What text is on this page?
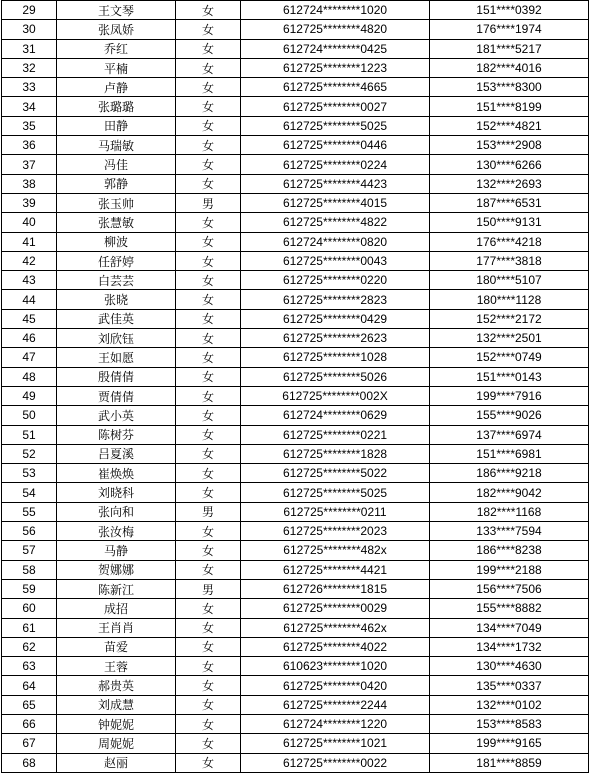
29	王文琴	女	612724********1020	151****0392
30	张凤娇	女	612725********4820	176****1974
31	乔红	女	612724********0425	181****5217
32	平楠	女	612725********1223	182****4016
33	卢静	女	612725********4665	153****8300
34	张璐璐	女	612725********0027	151****8199
35	田静	女	612725********5025	152****4821
36	马瑞敏	女	612725********0446	153****2908
37	冯佳	女	612725********0224	130****6266
38	郭静	女	612725********4423	132****2693
39	张玉帅	男	612725********4015	187****6531
40	张慧敏	女	612725********4822	150****9131
41	柳波	女	612724********0820	176****4218
42	任舒婷	女	612725********0043	177****3818
43	白芸芸	女	612725********0220	180****5107
44	张晓	女	612725********2823	180****1128
45	武佳英	女	612725********0429	152****2172
46	刘欣钰	女	612725********2623	132****2501
47	王如愿	女	612725********1028	152****0749
48	殷倩倩	女	612725********5026	151****0143
49	贾倩倩	女	612725********002X	199****7916
50	武小英	女	612724********0629	155****9026
51	陈树芬	女	612725********0221	137****6974
52	吕夏溪	女	612725********1828	151****6981
53	崔焕焕	女	612725********5022	186****9218
54	刘晓科	女	612725********5025	182****9042
55	张向和	男	612725********0211	182****1168
56	张汝梅	女	612725********2023	133****7594
57	马静	女	612725********482x	186****8238
58	贺娜娜	女	612725********4421	199****2188
59	陈新江	男	612726********1815	156****7506
60	成招	女	612725********0029	155****8882
61	王肖肖	女	612725********462x	134****7049
62	苗爱	女	612725********4022	134****1732
63	王蓉	女	610623********1020	130****4630
64	郝贵英	女	612725********0420	135****0337
65	刘成慧	女	612725********2244	132****0102
66	钟妮妮	女	612724********1220	153****8583
67	周妮妮	女	612725********1021	199****9165
68	赵丽	女	612725********0022	181****8859
